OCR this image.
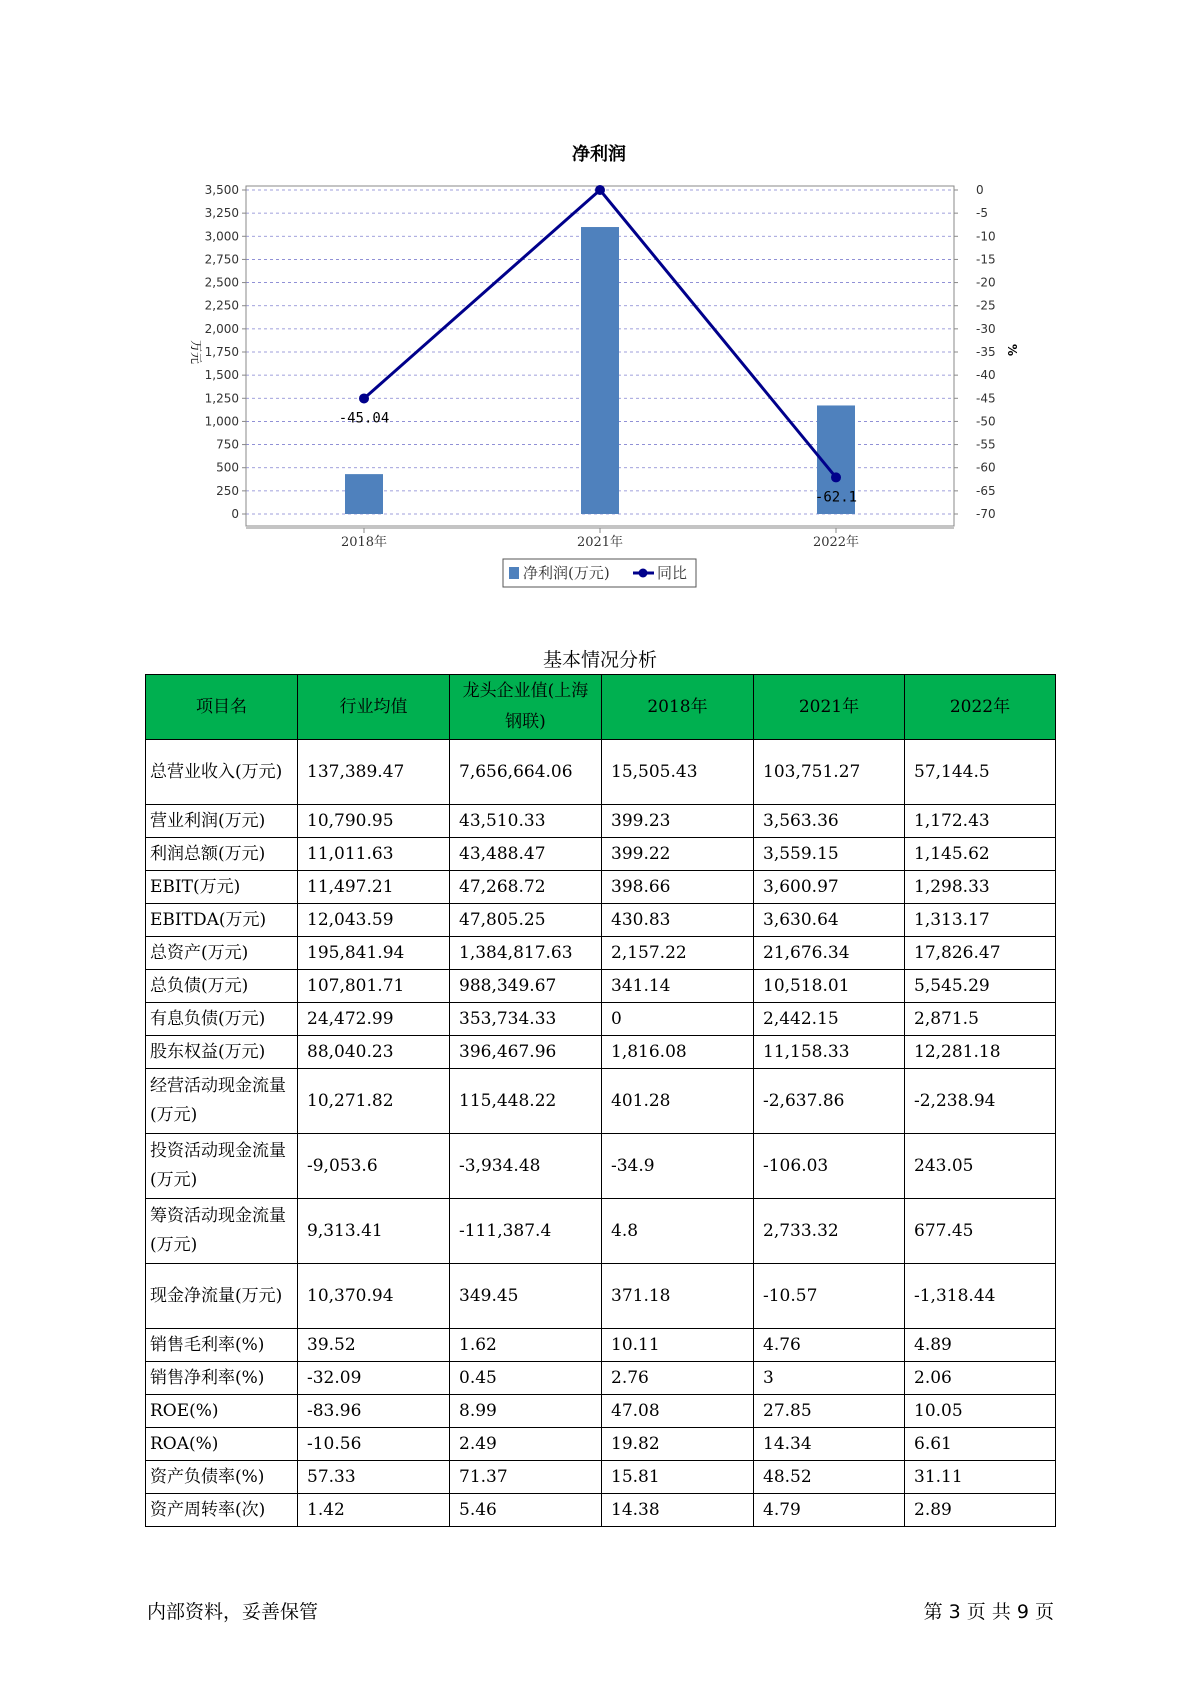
净利润
0
250
500
750
1,000
1,250
1,500
1,750
2,000
2,250
2,500
2,750
3,000
3,250
3,500	0
-5
-10
-15
-20
-25
-30
-35
-40
-45
-50
-55
-60
-65
-70
万元	%
2018年	2021年	2022年
-45.04
-62.1
净利润(万元)	同比
基本情况分析
项目名	行业均值	龙头企业值(上海钢联)	2018年	2021年	2022年
总营业收入(万元)	137,389.47	7,656,664.06	15,505.43	103,751.27	57,144.5
营业利润(万元)	10,790.95	43,510.33	399.23	3,563.36	1,172.43
利润总额(万元)	11,011.63	43,488.47	399.22	3,559.15	1,145.62
EBIT(万元)	11,497.21	47,268.72	398.66	3,600.97	1,298.33
EBITDA(万元)	12,043.59	47,805.25	430.83	3,630.64	1,313.17
总资产(万元)	195,841.94	1,384,817.63	2,157.22	21,676.34	17,826.47
总负债(万元)	107,801.71	988,349.67	341.14	10,518.01	5,545.29
有息负债(万元)	24,472.99	353,734.33	0	2,442.15	2,871.5
股东权益(万元)	88,040.23	396,467.96	1,816.08	11,158.33	12,281.18
经营活动现金流量(万元)	10,271.82	115,448.22	401.28	-2,637.86	-2,238.94
投资活动现金流量(万元)	-9,053.6	-3,934.48	-34.9	-106.03	243.05
筹资活动现金流量(万元)	9,313.41	-111,387.4	4.8	2,733.32	677.45
现金净流量(万元)	10,370.94	349.45	371.18	-10.57	-1,318.44
销售毛利率(%)	39.52	1.62	10.11	4.76	4.89
销售净利率(%)	-32.09	0.45	2.76	3	2.06
ROE(%)	-83.96	8.99	47.08	27.85	10.05
ROA(%)	-10.56	2.49	19.82	14.34	6.61
资产负债率(%)	57.33	71.37	15.81	48.52	31.11
资产周转率(次)	1.42	5.46	14.38	4.79	2.89
内部资料，妥善保管	第 3 页 共 9 页
